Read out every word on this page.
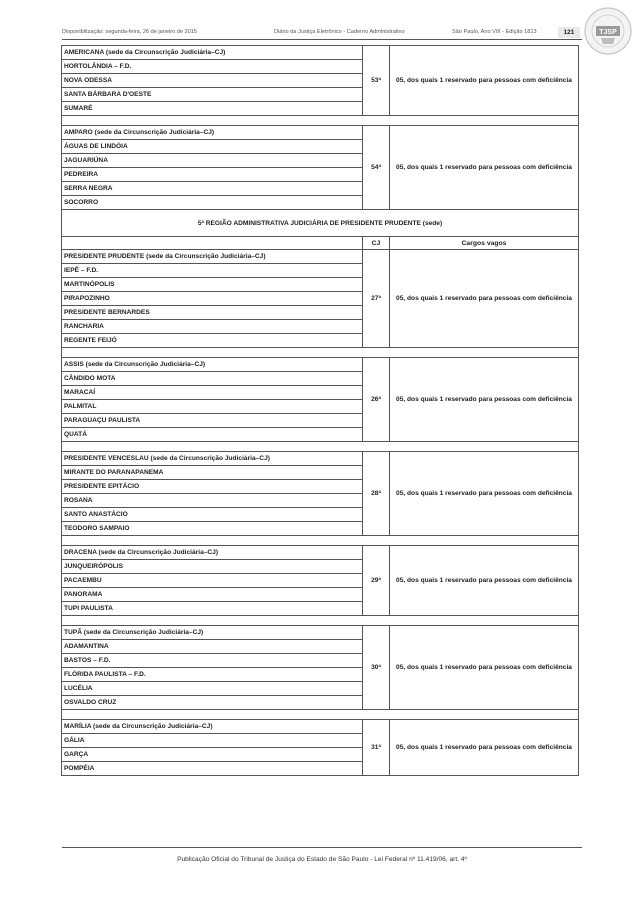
Disponibilização: segunda-feira, 26 de janeiro de 2015	Diário da Justiça Eletrônico - Caderno Administrativo	São Paulo, Ano VIII - Edição 1813	121	TJSP
AMERICANA (sede da Circunscrição Judiciária–CJ)	53ª	05, dos quais 1 reservado para pessoas com deficiência
HORTOLÂNDIA – F.D.		
NOVA ODESSA		
SANTA BÁRBARA D'OESTE		
SUMARÉ		

AMPARO (sede da Circunscrição Judiciária–CJ)	54ª	05, dos quais 1 reservado para pessoas com deficiência
ÁGUAS DE LINDÓIA		
JAGUARIÚNA		
PEDREIRA		
SERRA NEGRA		
SOCORRO		
5ª REGIÃO ADMINISTRATIVA JUDICIÁRIA DE PRESIDENTE PRUDENTE (sede)		
	CJ	Cargos vagos
PRESIDENTE PRUDENTE (sede da Circunscrição Judiciária–CJ)	27ª	05, dos quais 1 reservado para pessoas com deficiência
IEPÊ – F.D.		
MARTINÓPOLIS		
PIRAPOZINHO		
PRESIDENTE BERNARDES		
RANCHARIA		
REGENTE FEIJÓ		

ASSIS (sede da Circunscrição Judiciária–CJ)	26ª	05, dos quais 1 reservado para pessoas com deficiência
CÂNDIDO MOTA		
MARACAÍ		
PALMITAL		
PARAGUAÇU PAULISTA		
QUATÁ		

PRESIDENTE VENCESLAU (sede da Circunscrição Judiciária–CJ)	28ª	05, dos quais 1 reservado para pessoas com deficiência
MIRANTE DO PARANAPANEMA		
PRESIDENTE EPITÁCIO		
ROSANA		
SANTO ANASTÁCIO		
TEODORO SAMPAIO		

DRACENA (sede da Circunscrição Judiciária–CJ)	29ª	05, dos quais 1 reservado para pessoas com deficiência
JUNQUEIRÓPOLIS		
PACAEMBU		
PANORAMA		
TUPI PAULISTA		

TUPÃ (sede da Circunscrição Judiciária–CJ)	30ª	05, dos quais 1 reservado para pessoas com deficiência
ADAMANTINA		
BASTOS – F.D.		
FLÓRIDA PAULISTA – F.D.		
LUCÉLIA		
OSVALDO CRUZ		

MARÍLIA (sede da Circunscrição Judiciária–CJ)	31ª	05, dos quais 1 reservado para pessoas com deficiência
GÁLIA		
GARÇA		
POMPÉIA		
Publicação Oficial do Tribunal de Justiça do Estado de São Paulo - Lei Federal nº 11.419/06, art. 4º
